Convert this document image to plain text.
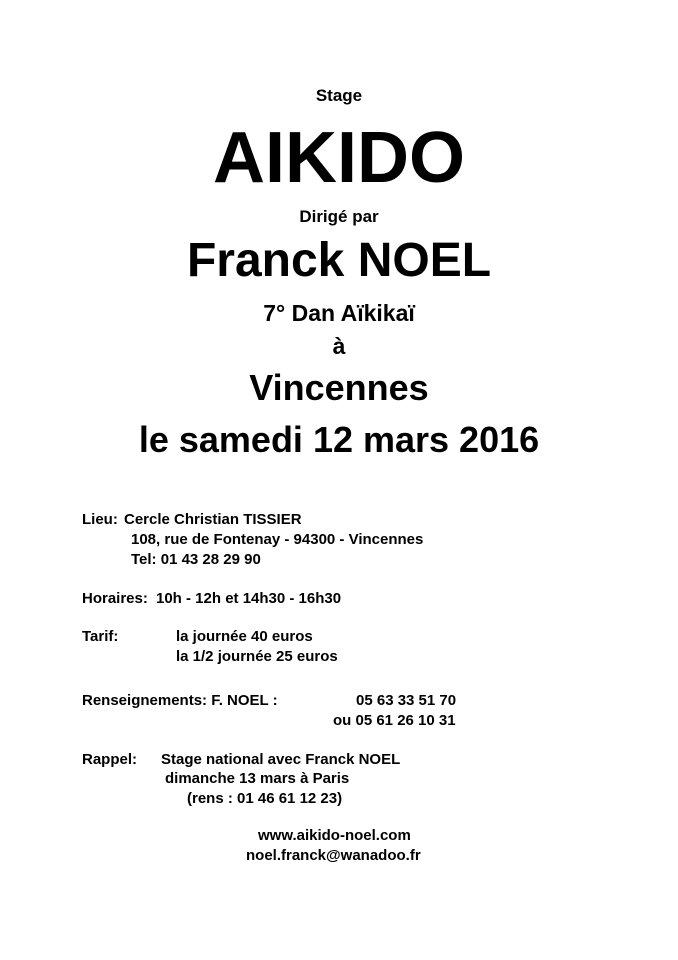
Stage
AIKIDO
Dirigé par
Franck NOEL
7° Dan Aïkikaï
à
Vincennes
le samedi 12 mars 2016
Lieu: Cercle Christian TISSIER
108, rue de Fontenay - 94300 - Vincennes
Tel: 01 43 28 29 90
Horaires: 10h - 12h et 14h30 - 16h30
Tarif:	la journée 40 euros
la 1/2 journée 25 euros
Renseignements: F. NOEL :	05 63 33 51 70
ou 05 61 26 10 31
Rappel: Stage national avec Franck NOEL
dimanche 13 mars à Paris
(rens : 01 46 61 12 23)
www.aikido-noel.com
noel.franck@wanadoo.fr
